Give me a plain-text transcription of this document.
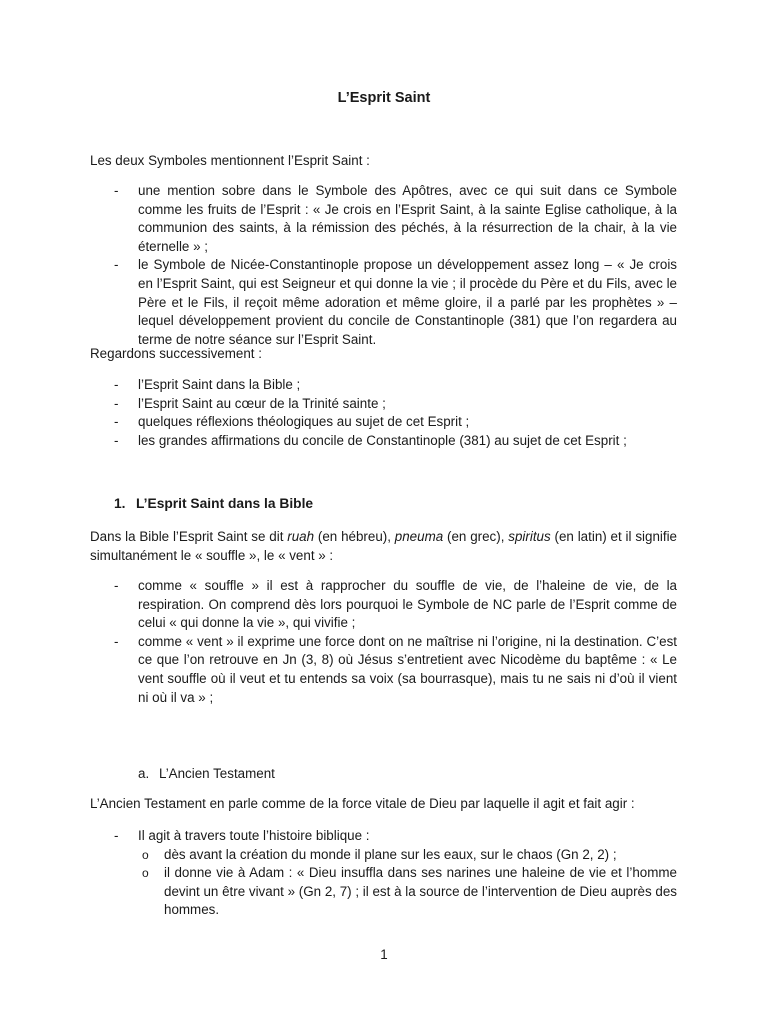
L’Esprit Saint

Les deux Symboles mentionnent l’Esprit Saint :

- une mention sobre dans le Symbole des Apôtres, avec ce qui suit dans ce Symbole comme les fruits de l’Esprit : « Je crois en l’Esprit Saint, à la sainte Eglise catholique, à la communion des saints, à la rémission des péchés, à la résurrection de la chair, à la vie éternelle » ;
- le Symbole de Nicée-Constantinople propose un développement assez long – « Je crois en l’Esprit Saint, qui est Seigneur et qui donne la vie ; il procède du Père et du Fils, avec le Père et le Fils, il reçoit même adoration et même gloire, il a parlé par les prophètes » – lequel développement provient du concile de Constantinople (381) que l’on regardera au terme de notre séance sur l’Esprit Saint.

Regardons successivement :

- l’Esprit Saint dans la Bible ;
- l’Esprit Saint au cœur de la Trinité sainte ;
- quelques réflexions théologiques au sujet de cet Esprit ;
- les grandes affirmations du concile de Constantinople (381) au sujet de cet Esprit ;
1. L’Esprit Saint dans la Bible

Dans la Bible l’Esprit Saint se dit ruah (en hébreu), pneuma (en grec), spiritus (en latin) et il signifie simultanément le « souffle », le « vent » :

- comme « souffle » il est à rapprocher du souffle de vie, de l’haleine de vie, de la respiration. On comprend dès lors pourquoi le Symbole de NC parle de l’Esprit comme de celui « qui donne la vie », qui vivifie ;
- comme « vent » il exprime une force dont on ne maîtrise ni l’origine, ni la destination. C’est ce que l’on retrouve en Jn (3, 8) où Jésus s’entretient avec Nicodème du baptême : « Le vent souffle où il veut et tu entends sa voix (sa bourrasque), mais tu ne sais ni d’où il vient ni où il va » ;
a. L’Ancien Testament

L’Ancien Testament en parle comme de la force vitale de Dieu par laquelle il agit et fait agir :

- Il agit à travers toute l’histoire biblique :
o dès avant la création du monde il plane sur les eaux, sur le chaos (Gn 2, 2) ;
o il donne vie à Adam : « Dieu insuffla dans ses narines une haleine de vie et l’homme devint un être vivant » (Gn 2, 7) ; il est à la source de l’intervention de Dieu auprès des hommes.
1
